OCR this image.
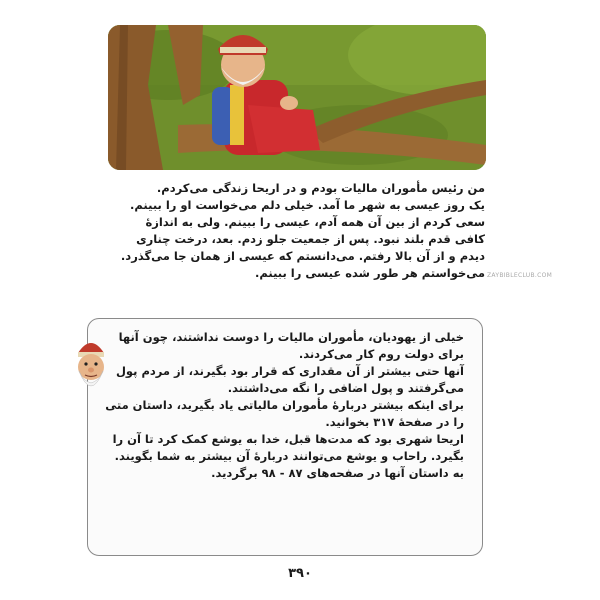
من رئیس مأموران مالیات بودم و در اریحا زندگی می‌کردم.

یک روز عیسی به شهر ما آمد. خیلی دلم می‌خواست او را ببینم. سعی کردم از بین آن همه آدم، عیسی را ببینم. ولی به اندازهٔ کافی قدم بلند نبود. پس از جمعیت جلو زدم. بعد، درخت چناری دیدم و از آن بالا رفتم. می‌دانستم که عیسی از همان جا می‌گذرد. می‌خواستم هر طور شده عیسی را ببینم. ZAYBIBLECLUB.COM

خیلی از یهودیان، مأموران مالیات را دوست نداشتند، چون آنها برای دولت روم کار می‌کردند.

آنها حتی بیشتر از آن مقداری که قرار بود بگیرند، از مردم پول می‌گرفتند و پول اضافی را نگه می‌داشتند.

برای اینکه بیشتر دربارهٔ مأموران مالیاتی یاد بگیرید، داستان متی را در صفحهٔ ۳۱۷ بخوانید.

اریحا شهری بود که مدت‌ها قبل، خدا به یوشع کمک کرد تا آن را بگیرد. راحاب و یوشع می‌توانند دربارهٔ آن بیشتر به شما بگویند. به داستان آنها در صفحه‌های ۸۷ - ۹۸ برگردید.

۳۹۰
